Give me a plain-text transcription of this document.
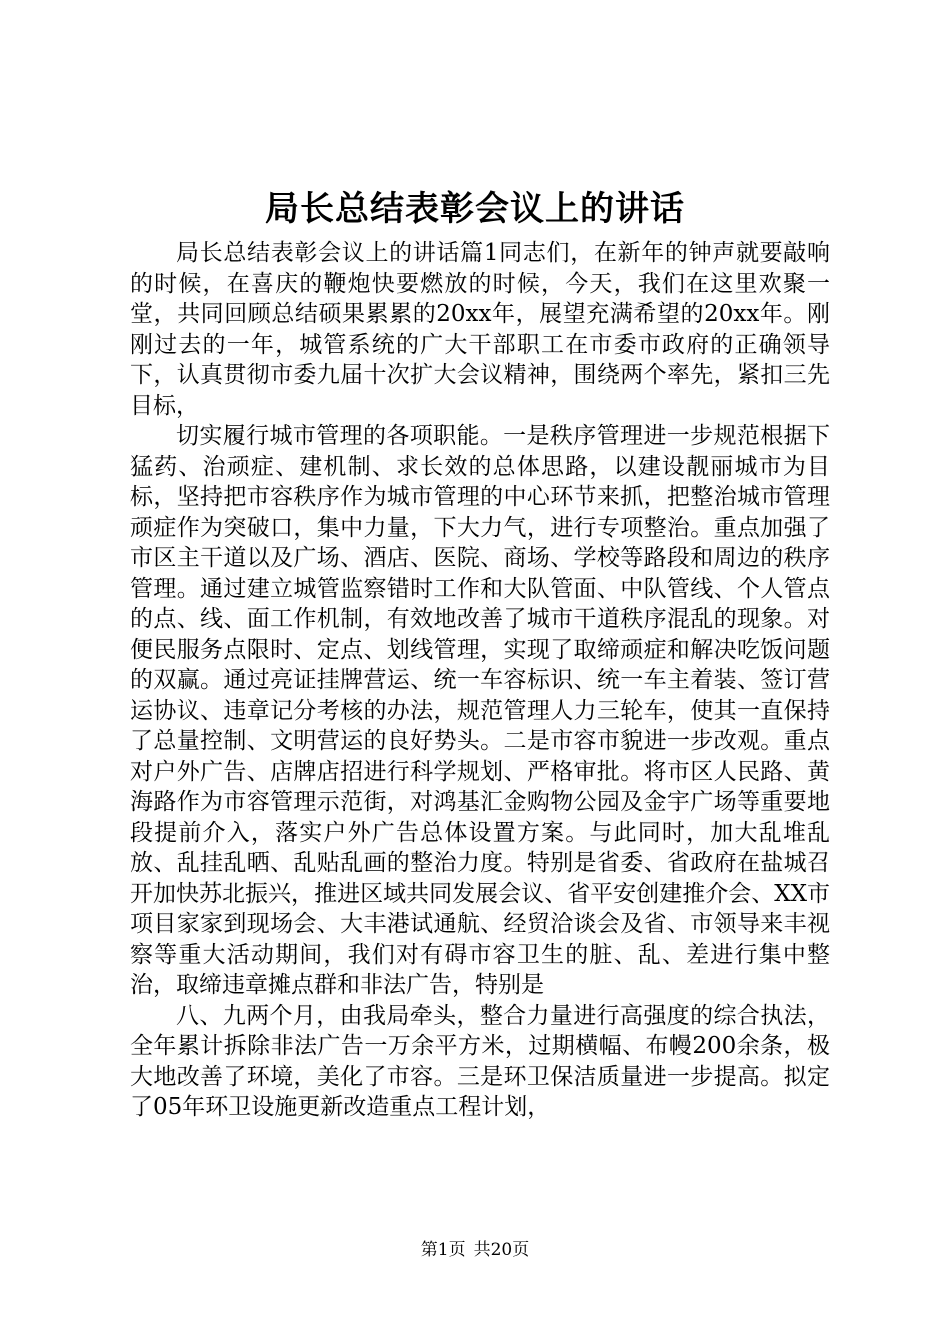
局长总结表彰会议上的讲话

局长总结表彰会议上的讲话篇1同志们，在新年的钟声就要敲响的时候，在喜庆的鞭炮快要燃放的时候，今天，我们在这里欢聚一堂，共同回顾总结硕果累累的20xx年，展望充满希望的20xx年。刚刚过去的一年，城管系统的广大干部职工在市委市政府的正确领导下，认真贯彻市委九届十次扩大会议精神，围绕两个率先，紧扣三先目标，

切实履行城市管理的各项职能。一是秩序管理进一步规范根据下猛药、治顽症、建机制、求长效的总体思路，以建设靓丽城市为目标，坚持把市容秩序作为城市管理的中心环节来抓，把整治城市管理顽症作为突破口，集中力量，下大力气，进行专项整治。重点加强了市区主干道以及广场、酒店、医院、商场、学校等路段和周边的秩序管理。通过建立城管监察错时工作和大队管面、中队管线、个人管点的点、线、面工作机制，有效地改善了城市干道秩序混乱的现象。对便民服务点限时、定点、划线管理，实现了取缔顽症和解决吃饭问题的双赢。通过亮证挂牌营运、统一车容标识、统一车主着装、签订营运协议、违章记分考核的办法，规范管理人力三轮车，使其一直保持了总量控制、文明营运的良好势头。二是市容市貌进一步改观。重点对户外广告、店牌店招进行科学规划、严格审批。将市区人民路、黄海路作为市容管理示范街，对鸿基汇金购物公园及金宇广场等重要地段提前介入，落实户外广告总体设置方案。与此同时，加大乱堆乱放、乱挂乱晒、乱贴乱画的整治力度。特别是省委、省政府在盐城召开加快苏北振兴，推进区域共同发展会议、省平安创建推介会、XX市项目家家到现场会、大丰港试通航、经贸洽谈会及省、市领导来丰视察等重大活动期间，我们对有碍市容卫生的脏、乱、差进行集中整治，取缔违章摊点群和非法广告，特别是

八、九两个月，由我局牵头，整合力量进行高强度的综合执法，全年累计拆除非法广告一万余平方米，过期横幅、布幔200余条，极大地改善了环境，美化了市容。三是环卫保洁质量进一步提高。拟定了05年环卫设施更新改造重点工程计划，

第1页 共20页
